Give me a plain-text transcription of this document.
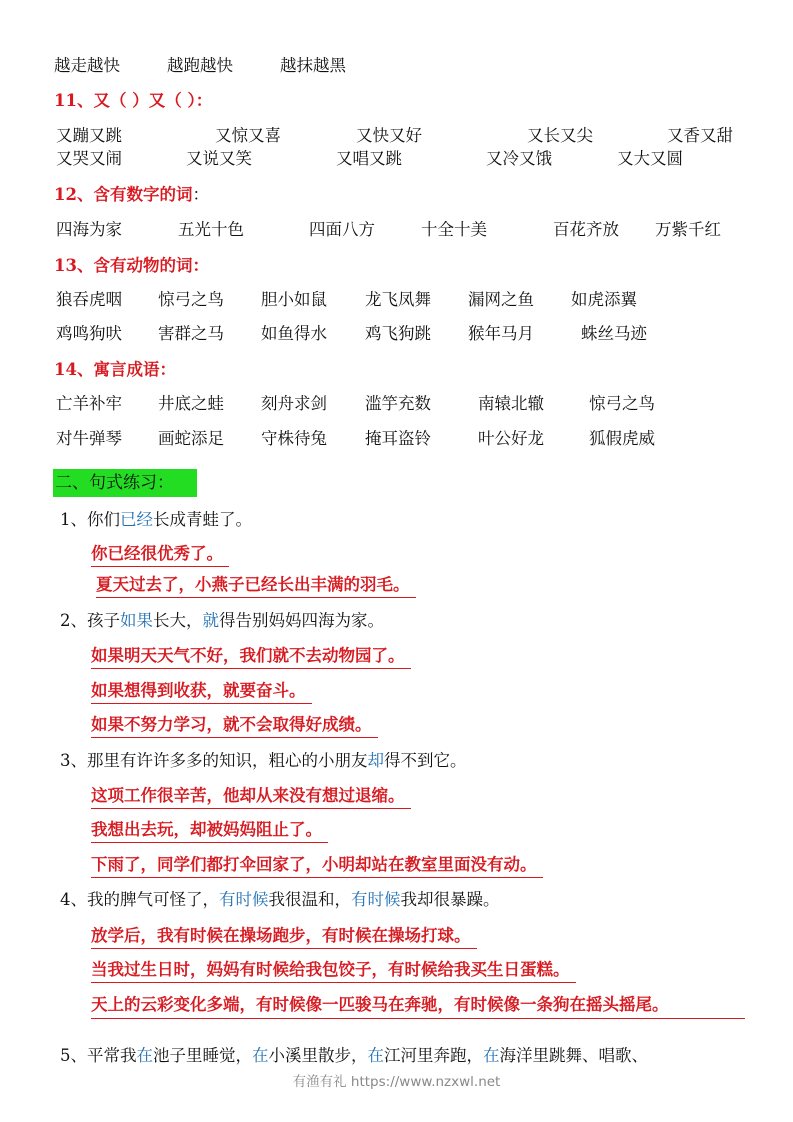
越走越快	越跑越快	越抹越黑
11、又（ ）又（ ）：
又蹦又跳	又惊又喜	又快又好	又长又尖	又香又甜
又哭又闹	又说又笑	又唱又跳	又冷又饿	又大又圆
12、含有数字的词：
四海为家	五光十色	四面八方	十全十美	百花齐放 万紫千红
13、含有动物的词：
狼吞虎咽 惊弓之鸟 胆小如鼠 龙飞凤舞 漏网之鱼 如虎添翼
鸡鸣狗吠 害群之马 如鱼得水 鸡飞狗跳 猴年马月	蛛丝马迹
14、寓言成语：
亡羊补牢 井底之蛙 刻舟求剑 滥竽充数	南辕北辙	惊弓之鸟
对牛弹琴 画蛇添足 守株待兔 掩耳盗铃	叶公好龙	狐假虎威
二、句式练习：
1、你们已经长成青蛙了。
你已经很优秀了。
夏天过去了，小燕子已经长出丰满的羽毛。
2、孩子如果长大，就得告别妈妈四海为家。
如果明天天气不好，我们就不去动物园了。
如果想得到收获，就要奋斗。
如果不努力学习，就不会取得好成绩。
3、那里有许许多多的知识，粗心的小朋友却得不到它。
这项工作很辛苦，他却从来没有想过退缩。
我想出去玩，却被妈妈阻止了。
下雨了，同学们都打伞回家了，小明却站在教室里面没有动。
4、我的脾气可怪了，有时候我很温和，有时候我却很暴躁。
放学后，我有时候在操场跑步，有时候在操场打球。
当我过生日时，妈妈有时候给我包饺子，有时候给我买生日蛋糕。
天上的云彩变化多端，有时候像一匹骏马在奔驰，有时候像一条狗在摇头摇尾。
5、平常我在池子里睡觉，在小溪里散步，在江河里奔跑，在海洋里跳舞、唱歌、
有渔有礼 https://www.nzxwl.net
